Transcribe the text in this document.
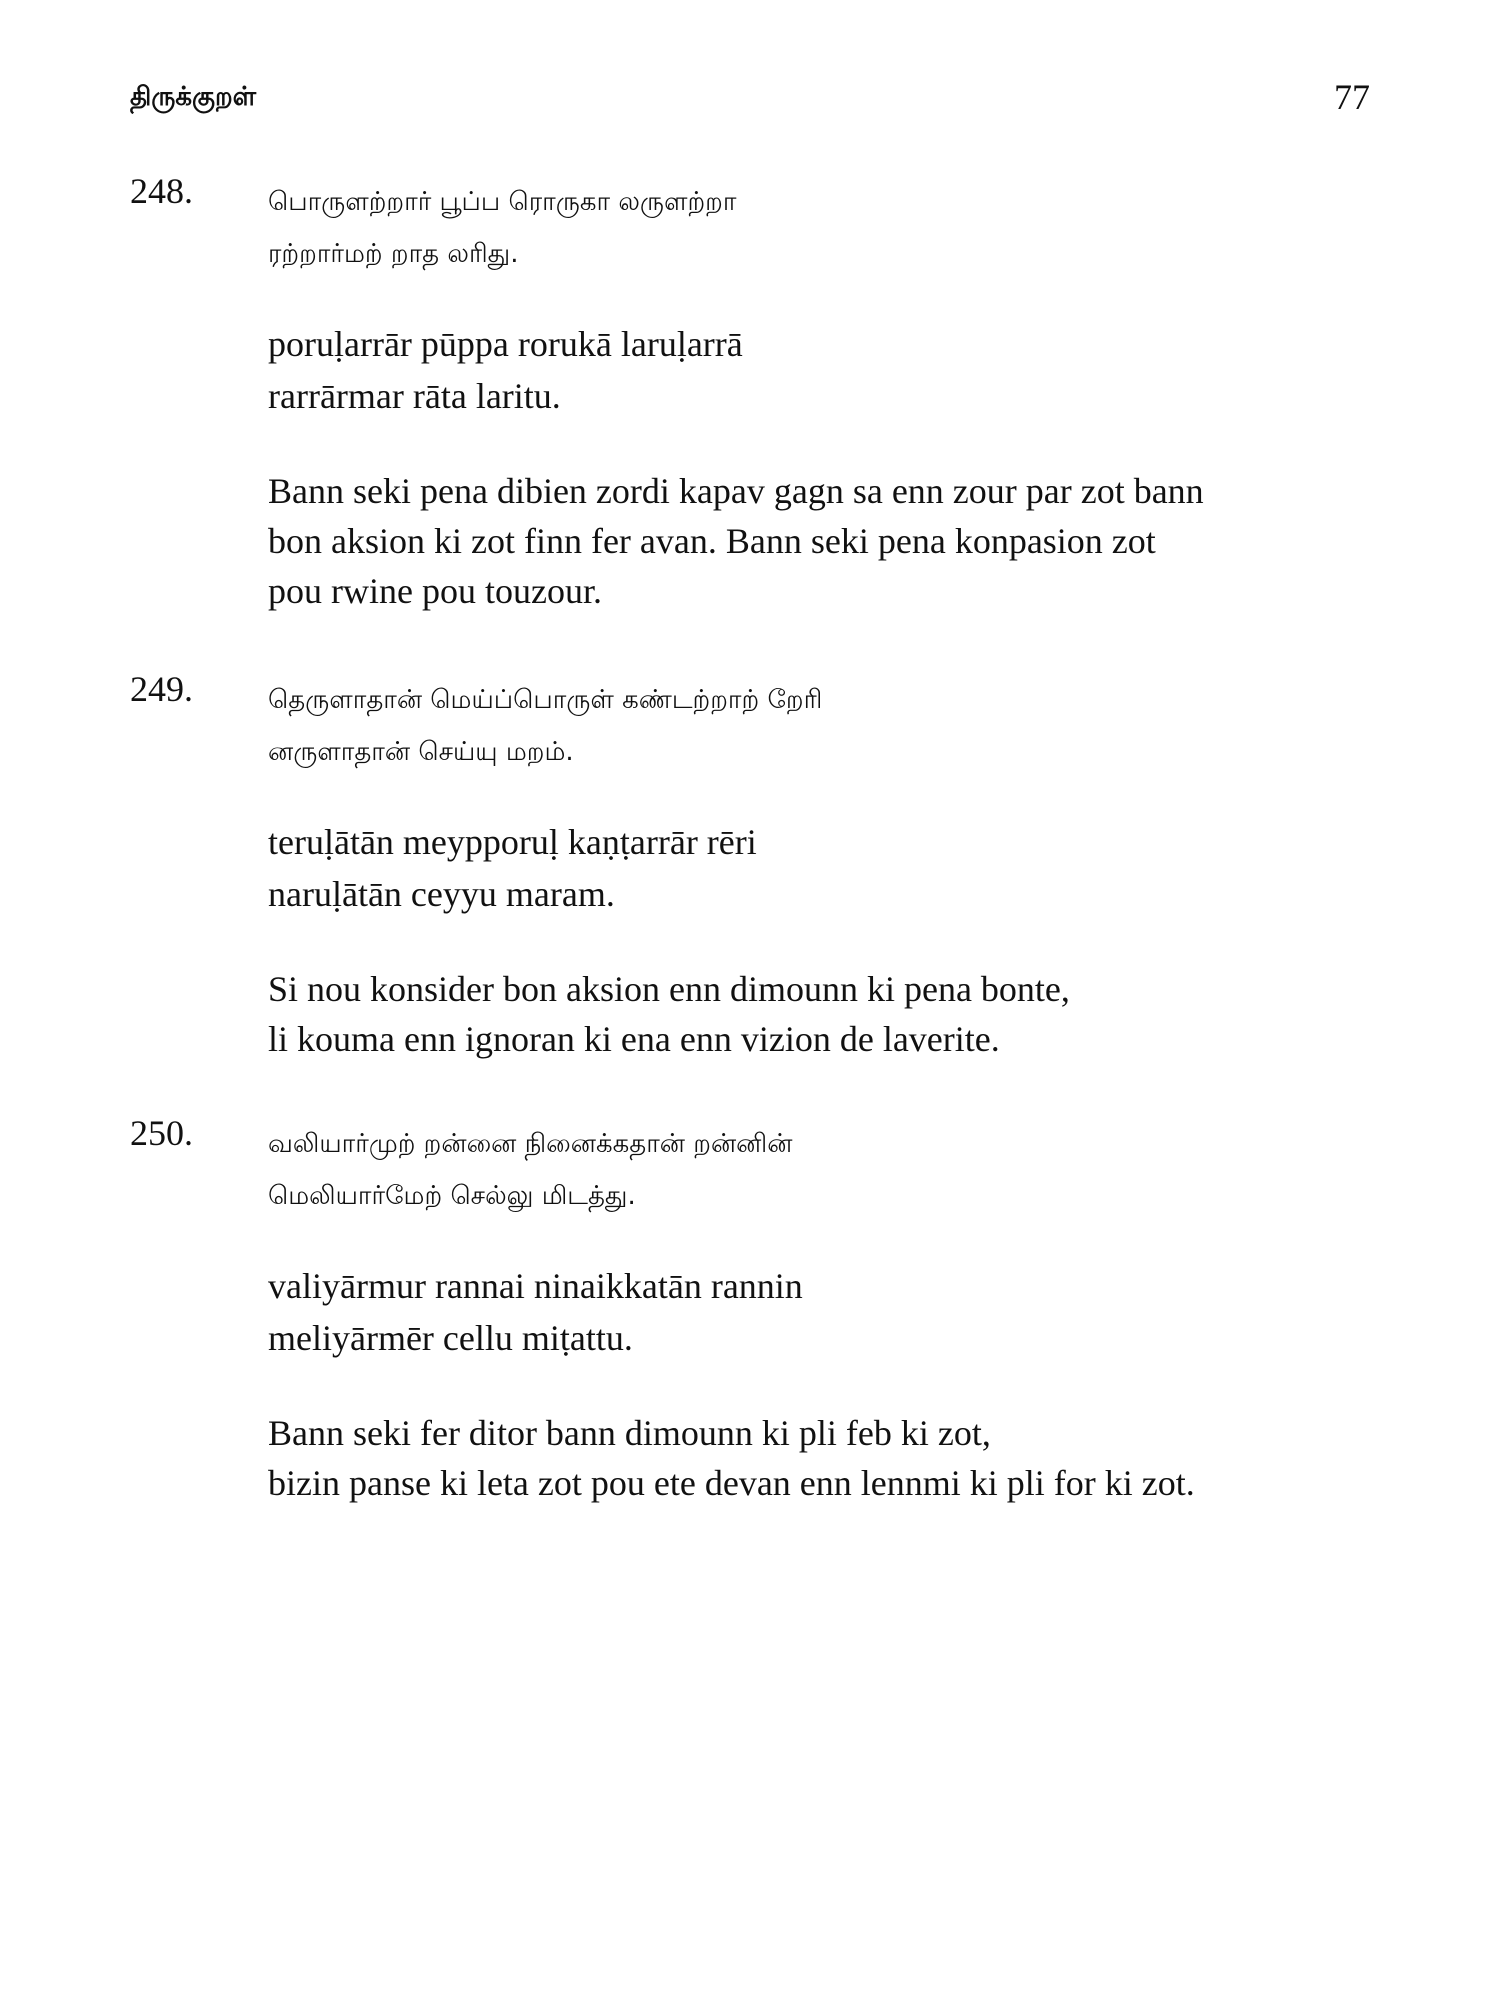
திருக்குறள்	77
248.	பொருளற்றார் பூப்ப ரொருகா லருளற்றா
ரற்றார்மற் றாத லரிது.
poruḷarrār pūppa rorukā laruḷarrā
rarrārmar rāta laritu.
Bann seki pena dibien zordi kapav gagn sa enn zour par zot bann
bon aksion ki zot finn fer avan. Bann seki pena konpasion zot
pou rwine pou touzour.
249.	தெருளாதான் மெய்ப்பொருள் கண்டற்றாற் றேரி
னருளாதான் செய்யு மறம்.
teruḷātān meypporuḷ kaṇṭarrār rēri
naruḷātān ceyyu maram.
Si nou konsider bon aksion enn dimounn ki pena bonte,
li kouma enn ignoran ki ena enn vizion de laverite.
250.	வலியார்முற் றன்னை நினைக்கதான் றன்னின்
மெலியார்மேற் செல்லு மிடத்து.
valiyārmur rannai ninaikkatān rannin
meliyārmēr cellu miṭattu.
Bann seki fer ditor bann dimounn ki pli feb ki zot,
bizin panse ki leta zot pou ete devan enn lennmi ki pli for ki zot.
